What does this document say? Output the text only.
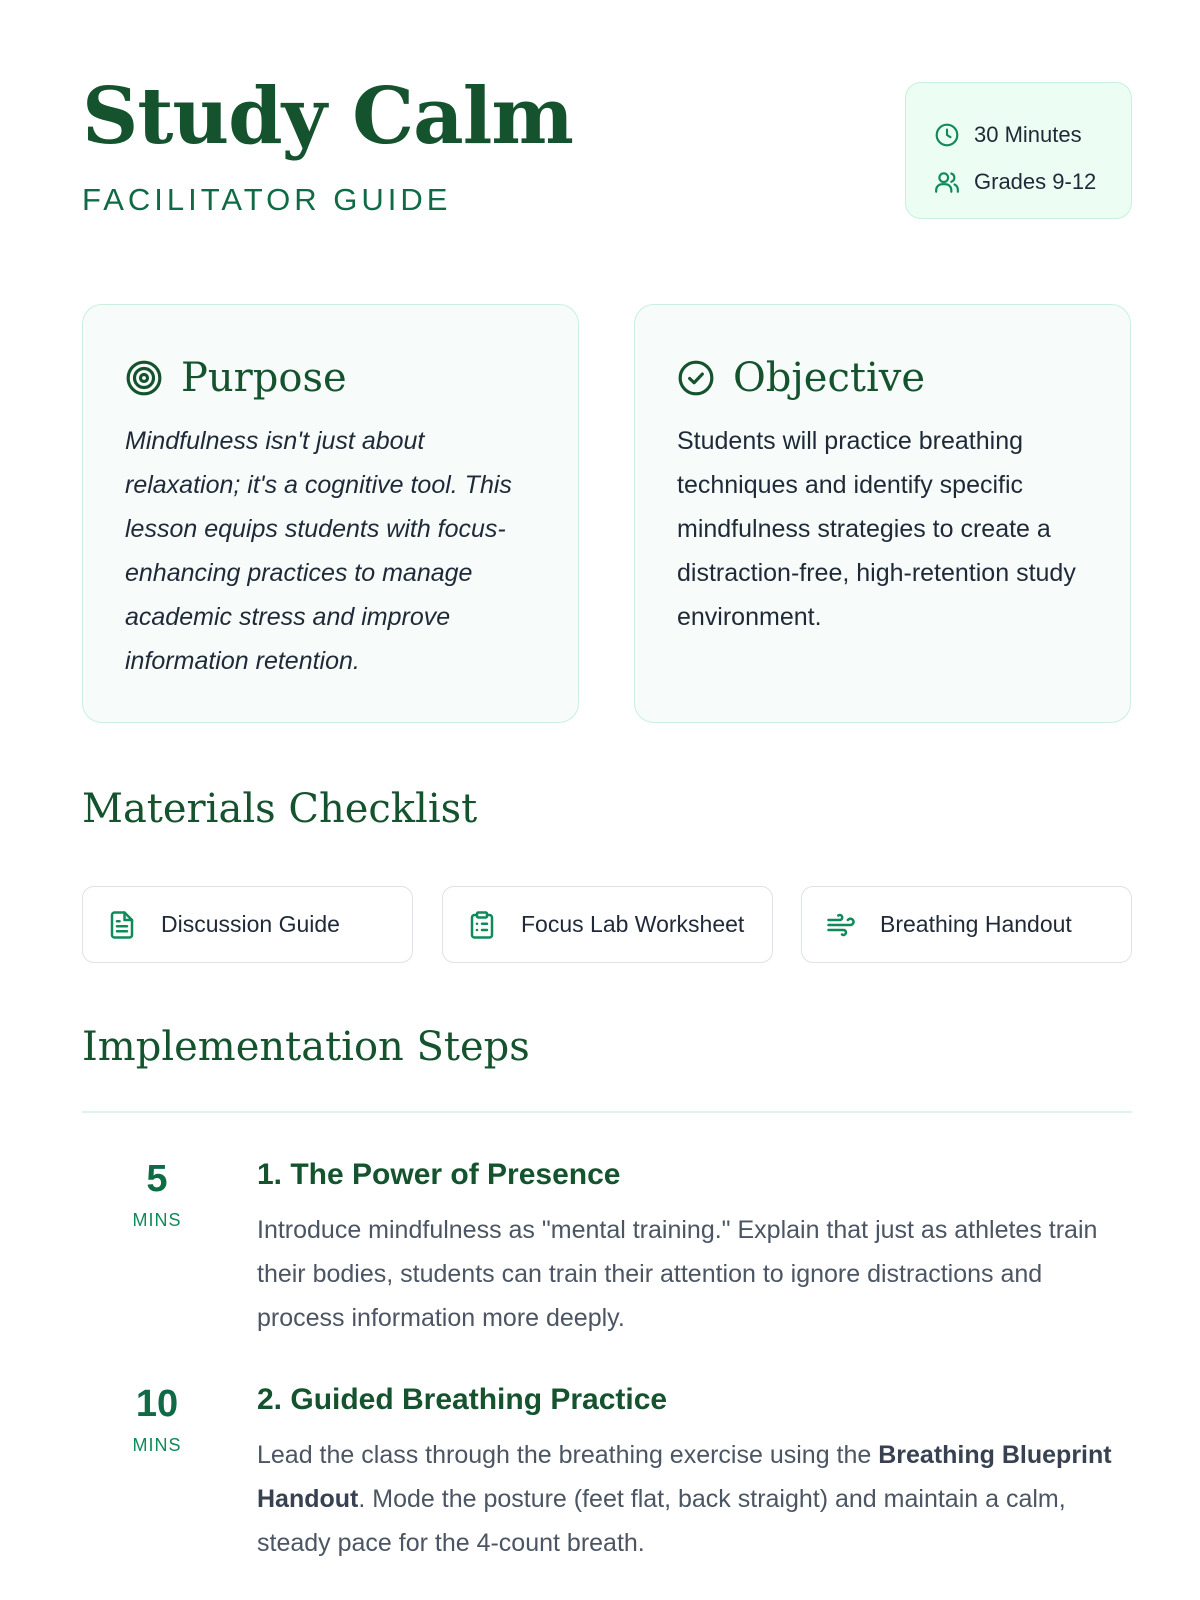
Study Calm
FACILITATOR GUIDE
30 Minutes
Grades 9-12
Purpose

Mindfulness isn't just about relaxation; it's a cognitive tool. This lesson equips students with focus-enhancing practices to manage academic stress and improve information retention.

Objective

Students will practice breathing techniques and identify specific mindfulness strategies to create a distraction-free, high-retention study environment.

Materials Checklist
Discussion Guide	Focus Lab Worksheet	Breathing Handout
Implementation Steps
5
MINS
1. The Power of Presence

Introduce mindfulness as "mental training." Explain that just as athletes train their bodies, students can train their attention to ignore distractions and process information more deeply.

10
MINS
2. Guided Breathing Practice

Lead the class through the breathing exercise using the Breathing Blueprint Handout. Mode the posture (feet flat, back straight) and maintain a calm, steady pace for the 4-count breath.
